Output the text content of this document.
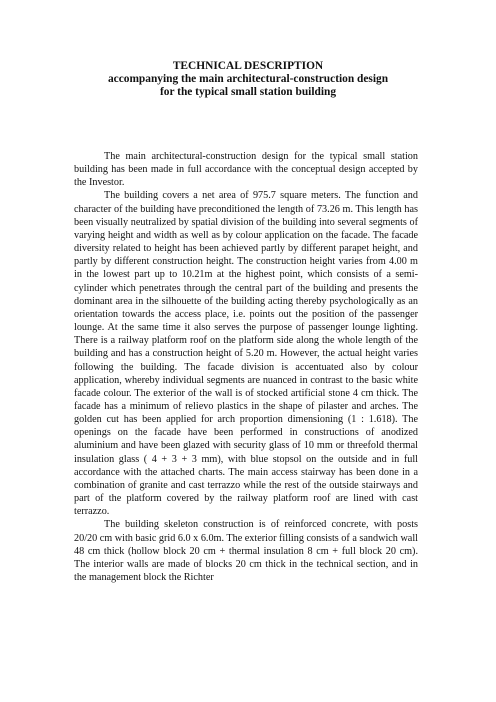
TECHNICAL DESCRIPTION
accompanying the main architectural-construction design
for the typical small station building

The main architectural-construction design for the typical small station building has been made in full accordance with the conceptual design accepted by the Investor.

The building covers a net area of 975.7 square meters. The function and character of the building have preconditioned the length of 73.26 m. This length has been visually neutralized by spatial division of the building into several segments of varying height and width as well as by colour application on the facade. The facade diversity related to height has been achieved partly by different parapet height, and partly by different construction height. The construction height varies from 4.00 m in the lowest part up to 10.21m at the highest point, which consists of a semi-cylinder which penetrates through the central part of the building and presents the dominant area in the silhouette of the building acting thereby psychologically as an orientation towards the access place, i.e. points out the position of the passenger lounge. At the same time it also serves the purpose of passenger lounge lighting. There is a railway platform roof on the platform side along the whole length of the building and has a construction height of 5.20 m. However, the actual height varies following the building. The facade division is accentuated also by colour application, whereby individual segments are nuanced in contrast to the basic white facade colour. The exterior of the wall is of stocked artificial stone 4 cm thick. The facade has a minimum of relievo plastics in the shape of pilaster and arches. The golden cut has been applied for arch proportion dimensioning (1 : 1.618). The openings on the facade have been performed in constructions of anodized aluminium and have been glazed with security glass of 10 mm or threefold thermal insulation glass ( 4 + 3 + 3 mm), with blue stopsol on the outside and in full accordance with the attached charts. The main access stairway has been done in a combination of granite and cast terrazzo while the rest of the outside stairways and part of the platform covered by the railway platform roof are lined with cast terrazzo.

The building skeleton construction is of reinforced concrete, with posts 20/20 cm with basic grid 6.0 x 6.0m. The exterior filling consists of a sandwich wall 48 cm thick (hollow block 20 cm + thermal insulation 8 cm + full block 20 cm). The interior walls are made of blocks 20 cm thick in the technical section, and in the management block the Richter
